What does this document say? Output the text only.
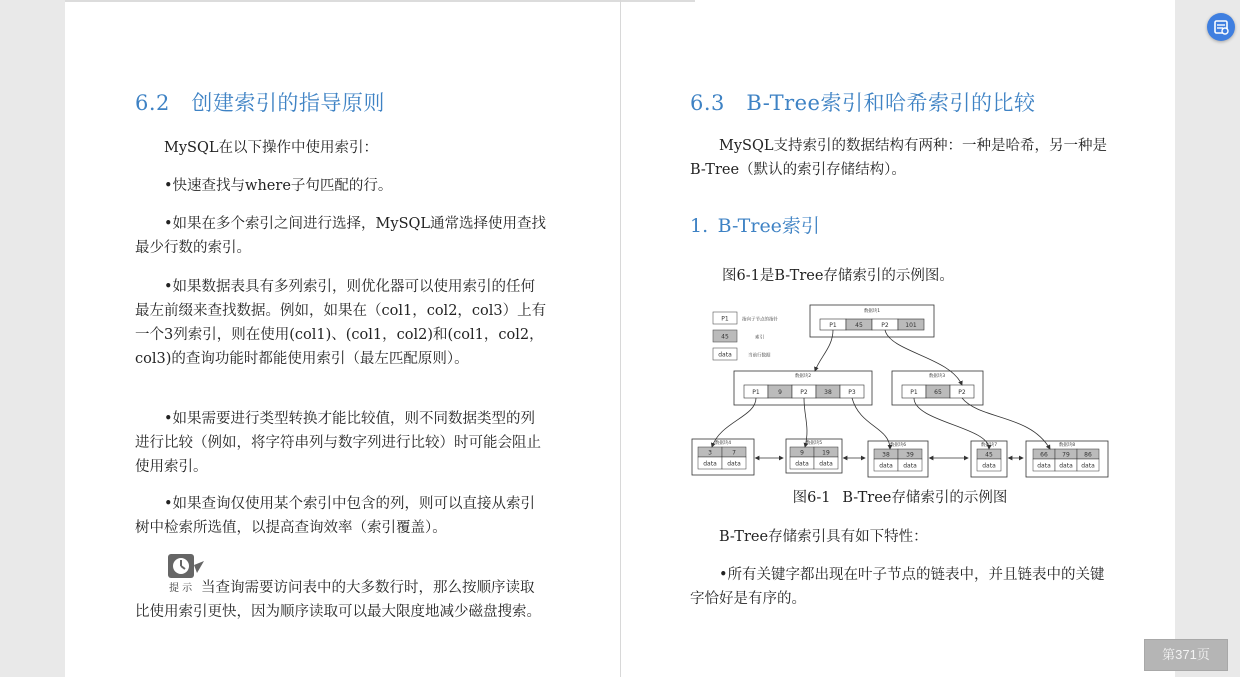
6.2 创建索引的指导原则

MySQL在以下操作中使用索引：

•快速查找与where子句匹配的行。

•如果在多个索引之间进行选择，MySQL通常选择使用查找最少行数的索引。

•如果数据表具有多列索引，则优化器可以使用索引的任何最左前缀来查找数据。例如，如果在（col1，col2，col3）上有一个3列索引，则在使用(col1)、(col1，col2)和(col1，col2，col3)的查询功能时都能使用索引（最左匹配原则）。

•如果需要进行类型转换才能比较值，则不同数据类型的列进行比较（例如，将字符串列与数字列进行比较）时可能会阻止使用索引。

•如果查询仅使用某个索引中包含的列，则可以直接从索引树中检索所选值，以提高查询效率（索引覆盖）。

提 示 当查询需要访问表中的大多数行时，那么按顺序读取比使用索引更快，因为顺序读取可以最大限度地减少磁盘搜索。
6.3 B-Tree索引和哈希索引的比较

MySQL支持索引的数据结构有两种：一种是哈希，另一种是B-Tree（默认的索引存储结构）。

1. B-Tree索引

图6-1是B-Tree存储索引的示例图。

P1	指向子节点的指针
45	索引
data	当前行数据
数据块1
P1	45	P2	101
数据块2
P1	9	P2	38	P3
数据块3
P1	65	P2
数据块4
3	7
data data
数据块5
9	19
data data
数据块6
38	39
data data
数据块7
45
data
数据块8
66 79 86
data data data
图6-1  B-Tree存储索引的示例图

B-Tree存储索引具有如下特性：

•所有关键字都出现在叶子节点的链表中，并且链表中的关键字恰好是有序的。

第371页
